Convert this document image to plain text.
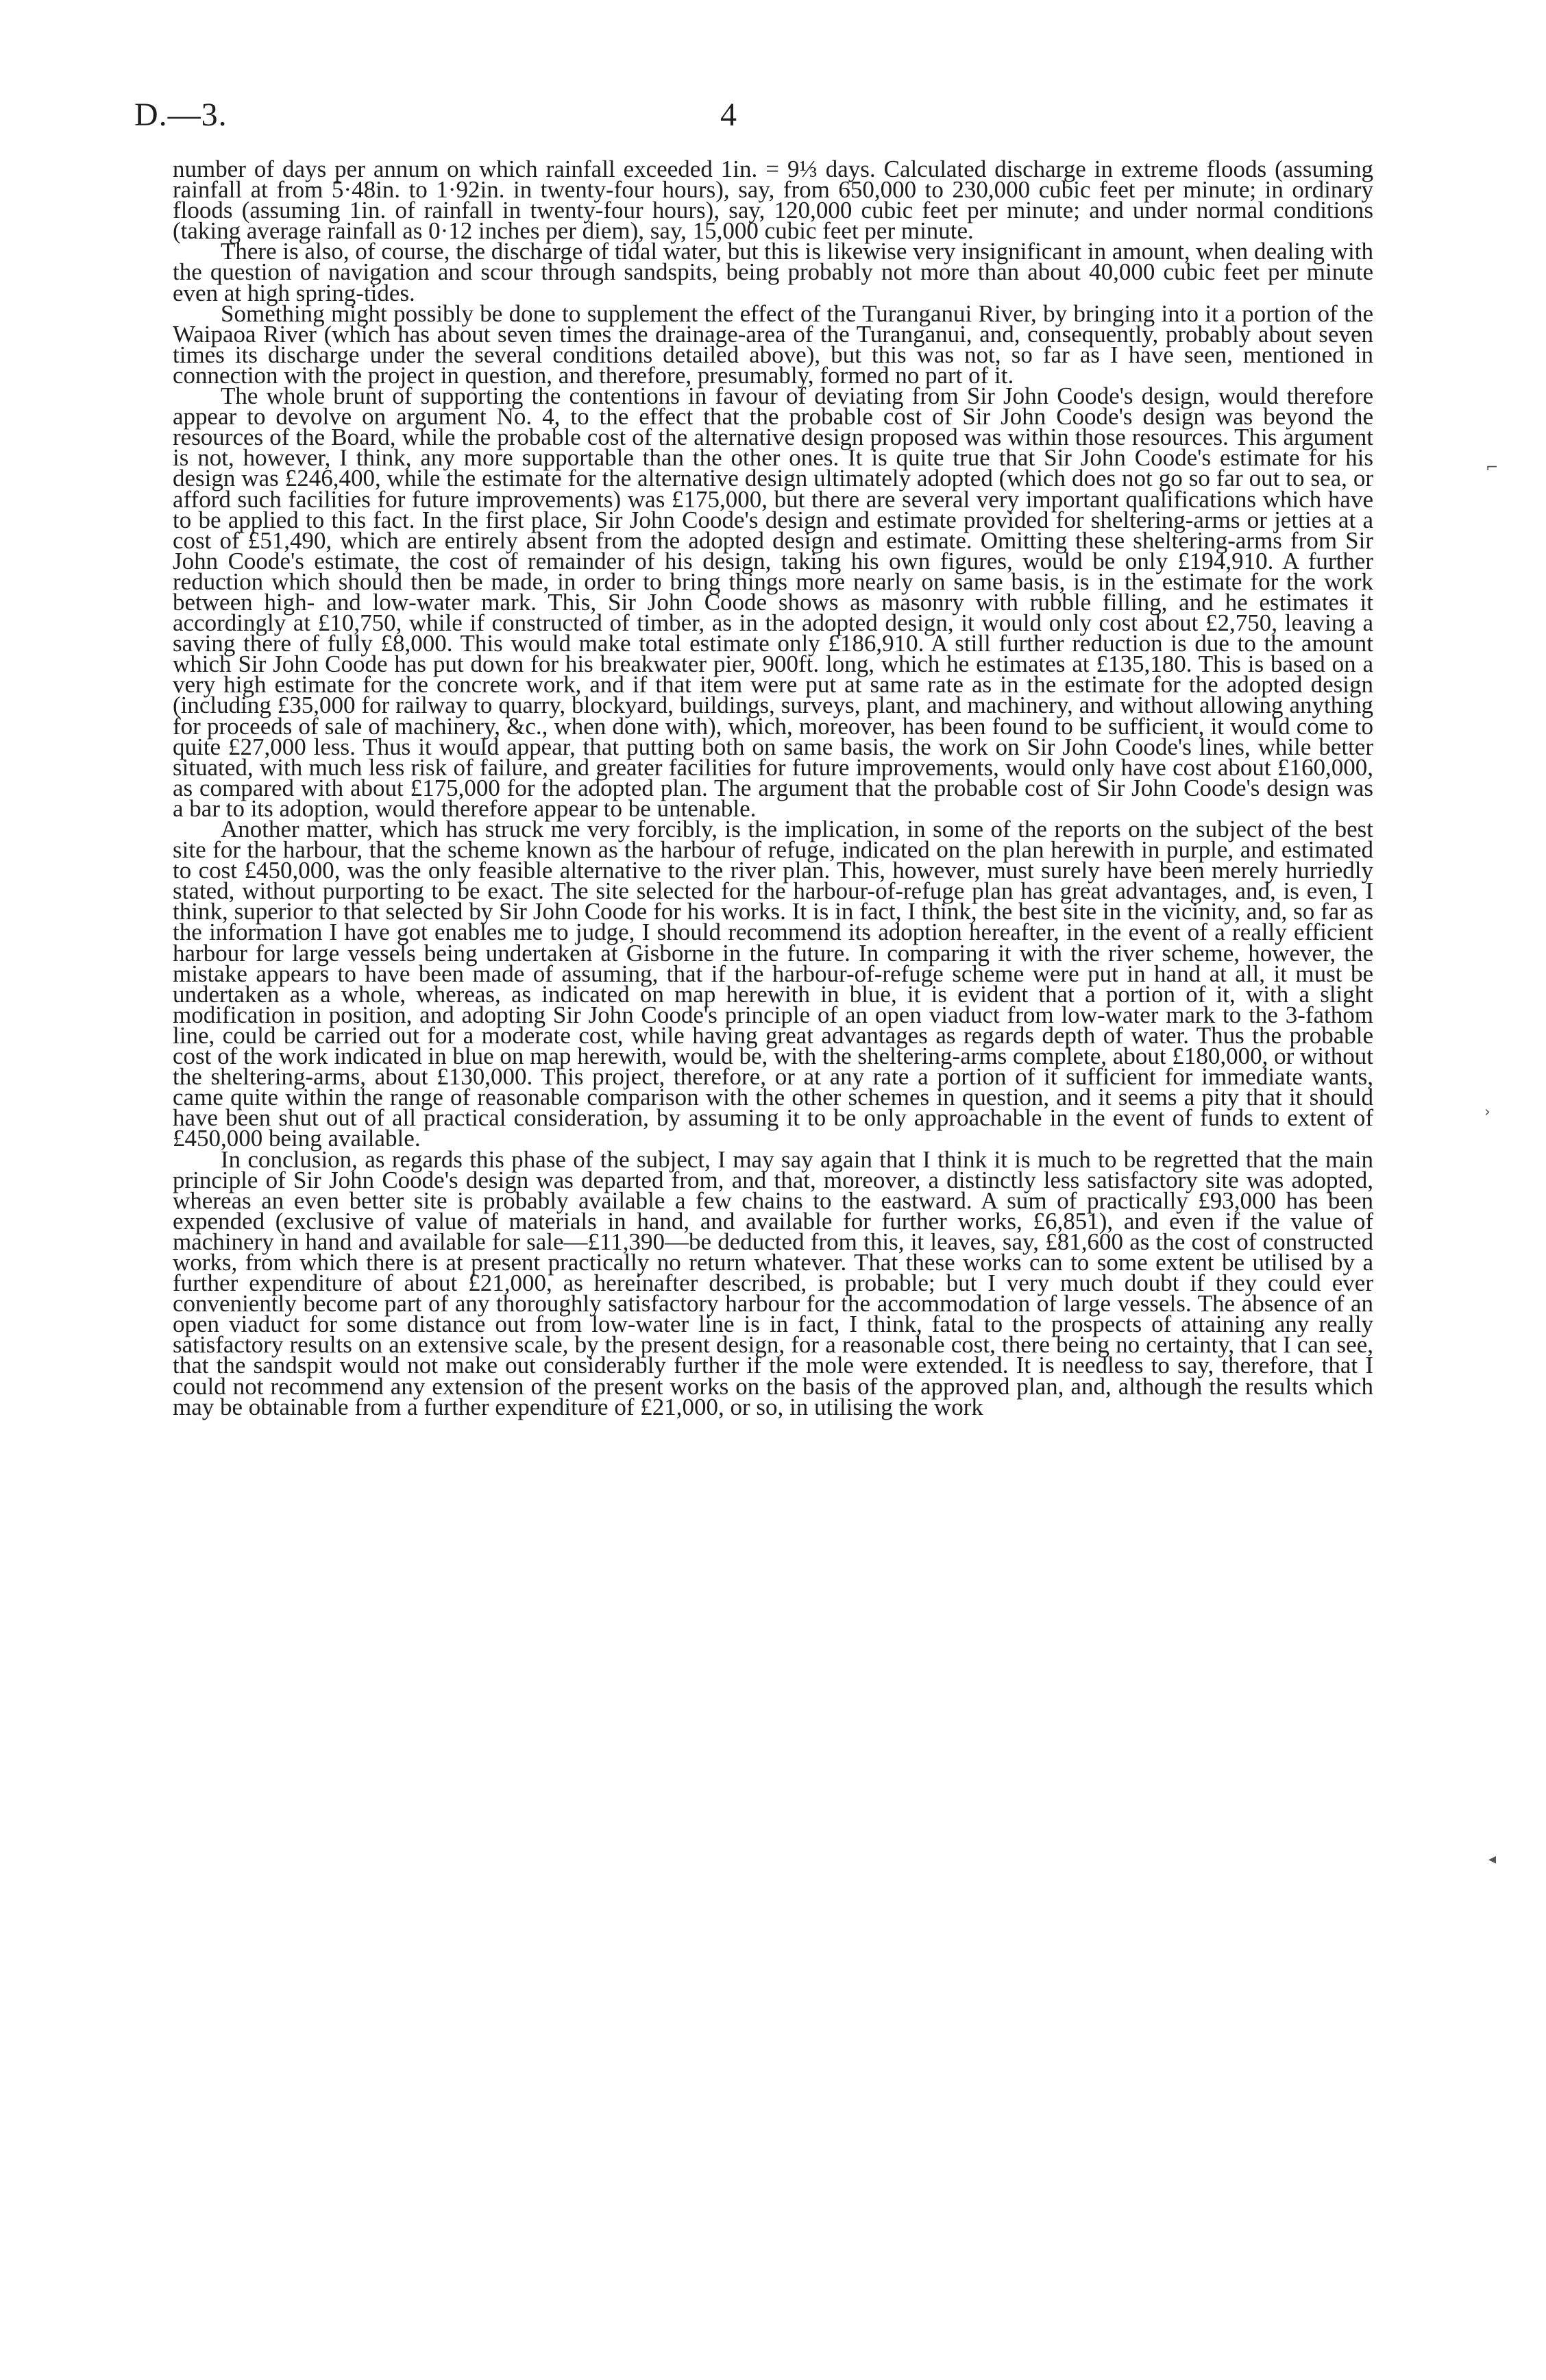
D.—3.	4

number of days per annum on which rainfall exceeded 1in. = 9⅓ days. Calculated discharge in extreme floods (assuming rainfall at from 5·48in. to 1·92in. in twenty-four hours), say, from 650,000 to 230,000 cubic feet per minute; in ordinary floods (assuming 1in. of rainfall in twenty-four hours), say, 120,000 cubic feet per minute; and under normal conditions (taking average rainfall as 0·12 inches per diem), say, 15,000 cubic feet per minute.

There is also, of course, the discharge of tidal water, but this is likewise very insignificant in amount, when dealing with the question of navigation and scour through sandspits, being probably not more than about 40,000 cubic feet per minute even at high spring-tides.

Something might possibly be done to supplement the effect of the Turanganui River, by bringing into it a portion of the Waipaoa River (which has about seven times the drainage-area of the Turanganui, and, consequently, probably about seven times its discharge under the several conditions detailed above), but this was not, so far as I have seen, mentioned in connection with the project in question, and therefore, presumably, formed no part of it.

The whole brunt of supporting the contentions in favour of deviating from Sir John Coode's design, would therefore appear to devolve on argument No. 4, to the effect that the probable cost of Sir John Coode's design was beyond the resources of the Board, while the probable cost of the alternative design proposed was within those resources. This argument is not, however, I think, any more supportable than the other ones. It is quite true that Sir John Coode's estimate for his design was £246,400, while the estimate for the alternative design ultimately adopted (which does not go so far out to sea, or afford such facilities for future improvements) was £175,000, but there are several very important qualifications which have to be applied to this fact. In the first place, Sir John Coode's design and estimate provided for sheltering-arms or jetties at a cost of £51,490, which are entirely absent from the adopted design and estimate. Omitting these sheltering-arms from Sir John Coode's estimate, the cost of remainder of his design, taking his own figures, would be only £194,910. A further reduction which should then be made, in order to bring things more nearly on same basis, is in the estimate for the work between high- and low-water mark. This, Sir John Coode shows as masonry with rubble filling, and he estimates it accordingly at £10,750, while if constructed of timber, as in the adopted design, it would only cost about £2,750, leaving a saving there of fully £8,000. This would make total estimate only £186,910. A still further reduction is due to the amount which Sir John Coode has put down for his breakwater pier, 900ft. long, which he estimates at £135,180. This is based on a very high estimate for the concrete work, and if that item were put at same rate as in the estimate for the adopted design (including £35,000 for railway to quarry, blockyard, buildings, surveys, plant, and machinery, and without allowing anything for proceeds of sale of machinery, &c., when done with), which, moreover, has been found to be sufficient, it would come to quite £27,000 less. Thus it would appear, that putting both on same basis, the work on Sir John Coode's lines, while better situated, with much less risk of failure, and greater facilities for future improvements, would only have cost about £160,000, as compared with about £175,000 for the adopted plan. The argument that the probable cost of Sir John Coode's design was a bar to its adoption, would therefore appear to be untenable.

Another matter, which has struck me very forcibly, is the implication, in some of the reports on the subject of the best site for the harbour, that the scheme known as the harbour of refuge, indicated on the plan herewith in purple, and estimated to cost £450,000, was the only feasible alternative to the river plan. This, however, must surely have been merely hurriedly stated, without purporting to be exact. The site selected for the harbour-of-refuge plan has great advantages, and, is even, I think, superior to that selected by Sir John Coode for his works. It is in fact, I think, the best site in the vicinity, and, so far as the information I have got enables me to judge, I should recommend its adoption hereafter, in the event of a really efficient harbour for large vessels being undertaken at Gisborne in the future. In comparing it with the river scheme, however, the mistake appears to have been made of assuming, that if the harbour-of-refuge scheme were put in hand at all, it must be undertaken as a whole, whereas, as indicated on map herewith in blue, it is evident that a portion of it, with a slight modification in position, and adopting Sir John Coode's principle of an open viaduct from low-water mark to the 3-fathom line, could be carried out for a moderate cost, while having great advantages as regards depth of water. Thus the probable cost of the work indicated in blue on map herewith, would be, with the sheltering-arms complete, about £180,000, or without the sheltering-arms, about £130,000. This project, therefore, or at any rate a portion of it sufficient for immediate wants, came quite within the range of reasonable comparison with the other schemes in question, and it seems a pity that it should have been shut out of all practical consideration, by assuming it to be only approachable in the event of funds to extent of £450,000 being available.

In conclusion, as regards this phase of the subject, I may say again that I think it is much to be regretted that the main principle of Sir John Coode's design was departed from, and that, moreover, a distinctly less satisfactory site was adopted, whereas an even better site is probably available a few chains to the eastward. A sum of practically £93,000 has been expended (exclusive of value of materials in hand, and available for further works, £6,851), and even if the value of machinery in hand and available for sale—£11,390—be deducted from this, it leaves, say, £81,600 as the cost of constructed works, from which there is at present practically no return whatever. That these works can to some extent be utilised by a further expenditure of about £21,000, as hereinafter described, is probable; but I very much doubt if they could ever conveniently become part of any thoroughly satisfactory harbour for the accommodation of large vessels. The absence of an open viaduct for some distance out from low-water line is in fact, I think, fatal to the prospects of attaining any really satisfactory results on an extensive scale, by the present design, for a reasonable cost, there being no certainty, that I can see, that the sandspit would not make out considerably further if the mole were extended. It is needless to say, therefore, that I could not recommend any extension of the present works on the basis of the approved plan, and, although the results which may be obtainable from a further expenditure of £21,000, or so, in utilising the work

⌐
›
◂
